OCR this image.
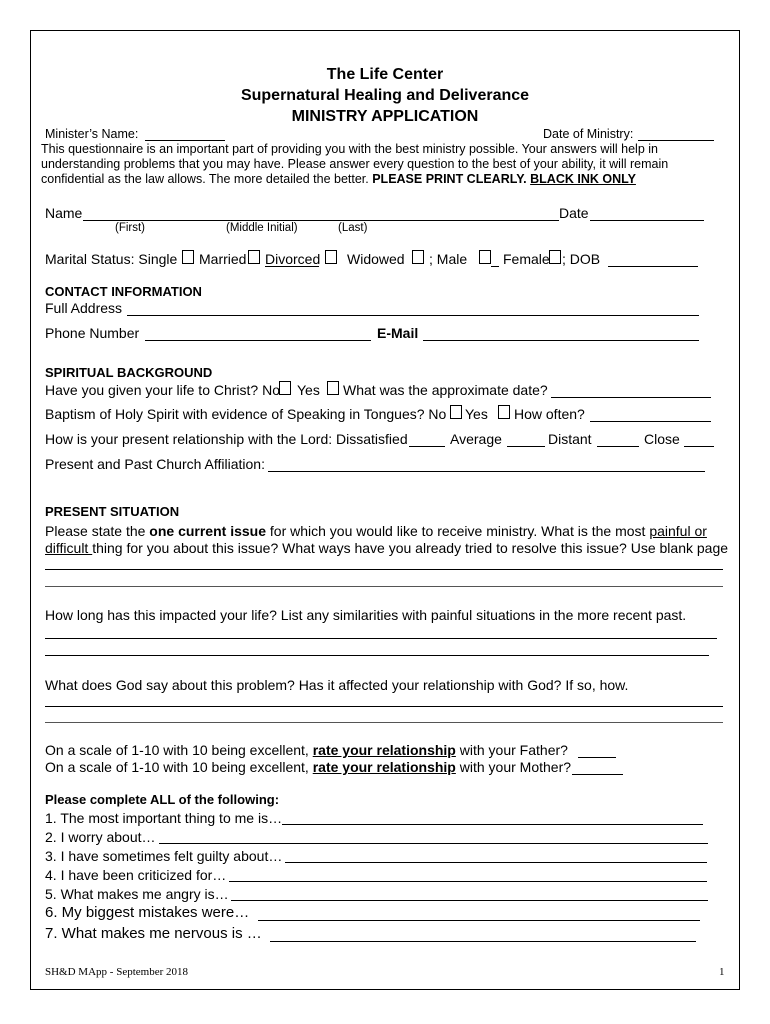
The Life Center
Supernatural Healing and Deliverance
MINISTRY APPLICATION
Minister’s Name:	Date of Ministry:
This questionnaire is an important part of providing you with the best ministry possible. Your answers will help in
understanding problems that you may have. Please answer every question to the best of your ability, it will remain
confidential as the law allows. The more detailed the better. PLEASE PRINT CLEARLY. BLACK INK ONLY
Name	Date
(First)	(Middle Initial)	(Last)
Marital Status: Single Married Divorced Widowed ; Male	Female ; DOB
CONTACT INFORMATION
Full Address
Phone Number	E-Mail
SPIRITUAL BACKGROUND
Have you given your life to Christ? No Yes What was the approximate date?
Baptism of Holy Spirit with evidence of Speaking in Tongues? No Yes How often?
How is your present relationship with the Lord: Dissatisfied	Average	Distant	Close
Present and Past Church Affiliation:
PRESENT SITUATION
Please state the one current issue for which you would like to receive ministry. What is the most painful or
difficult thing for you about this issue? What ways have you already tried to resolve this issue? Use blank page
How long has this impacted your life? List any similarities with painful situations in the more recent past.
What does God say about this problem? Has it affected your relationship with God? If so, how.
On a scale of 1-10 with 10 being excellent, rate your relationship with your Father?
On a scale of 1-10 with 10 being excellent, rate your relationship with your Mother?
Please complete ALL of the following:
1. The most important thing to me is…
2. I worry about…
3. I have sometimes felt guilty about…
4. I have been criticized for…
5. What makes me angry is…
6. My biggest mistakes were…
7. What makes me nervous is …
SH&D MApp - September 2018	1
